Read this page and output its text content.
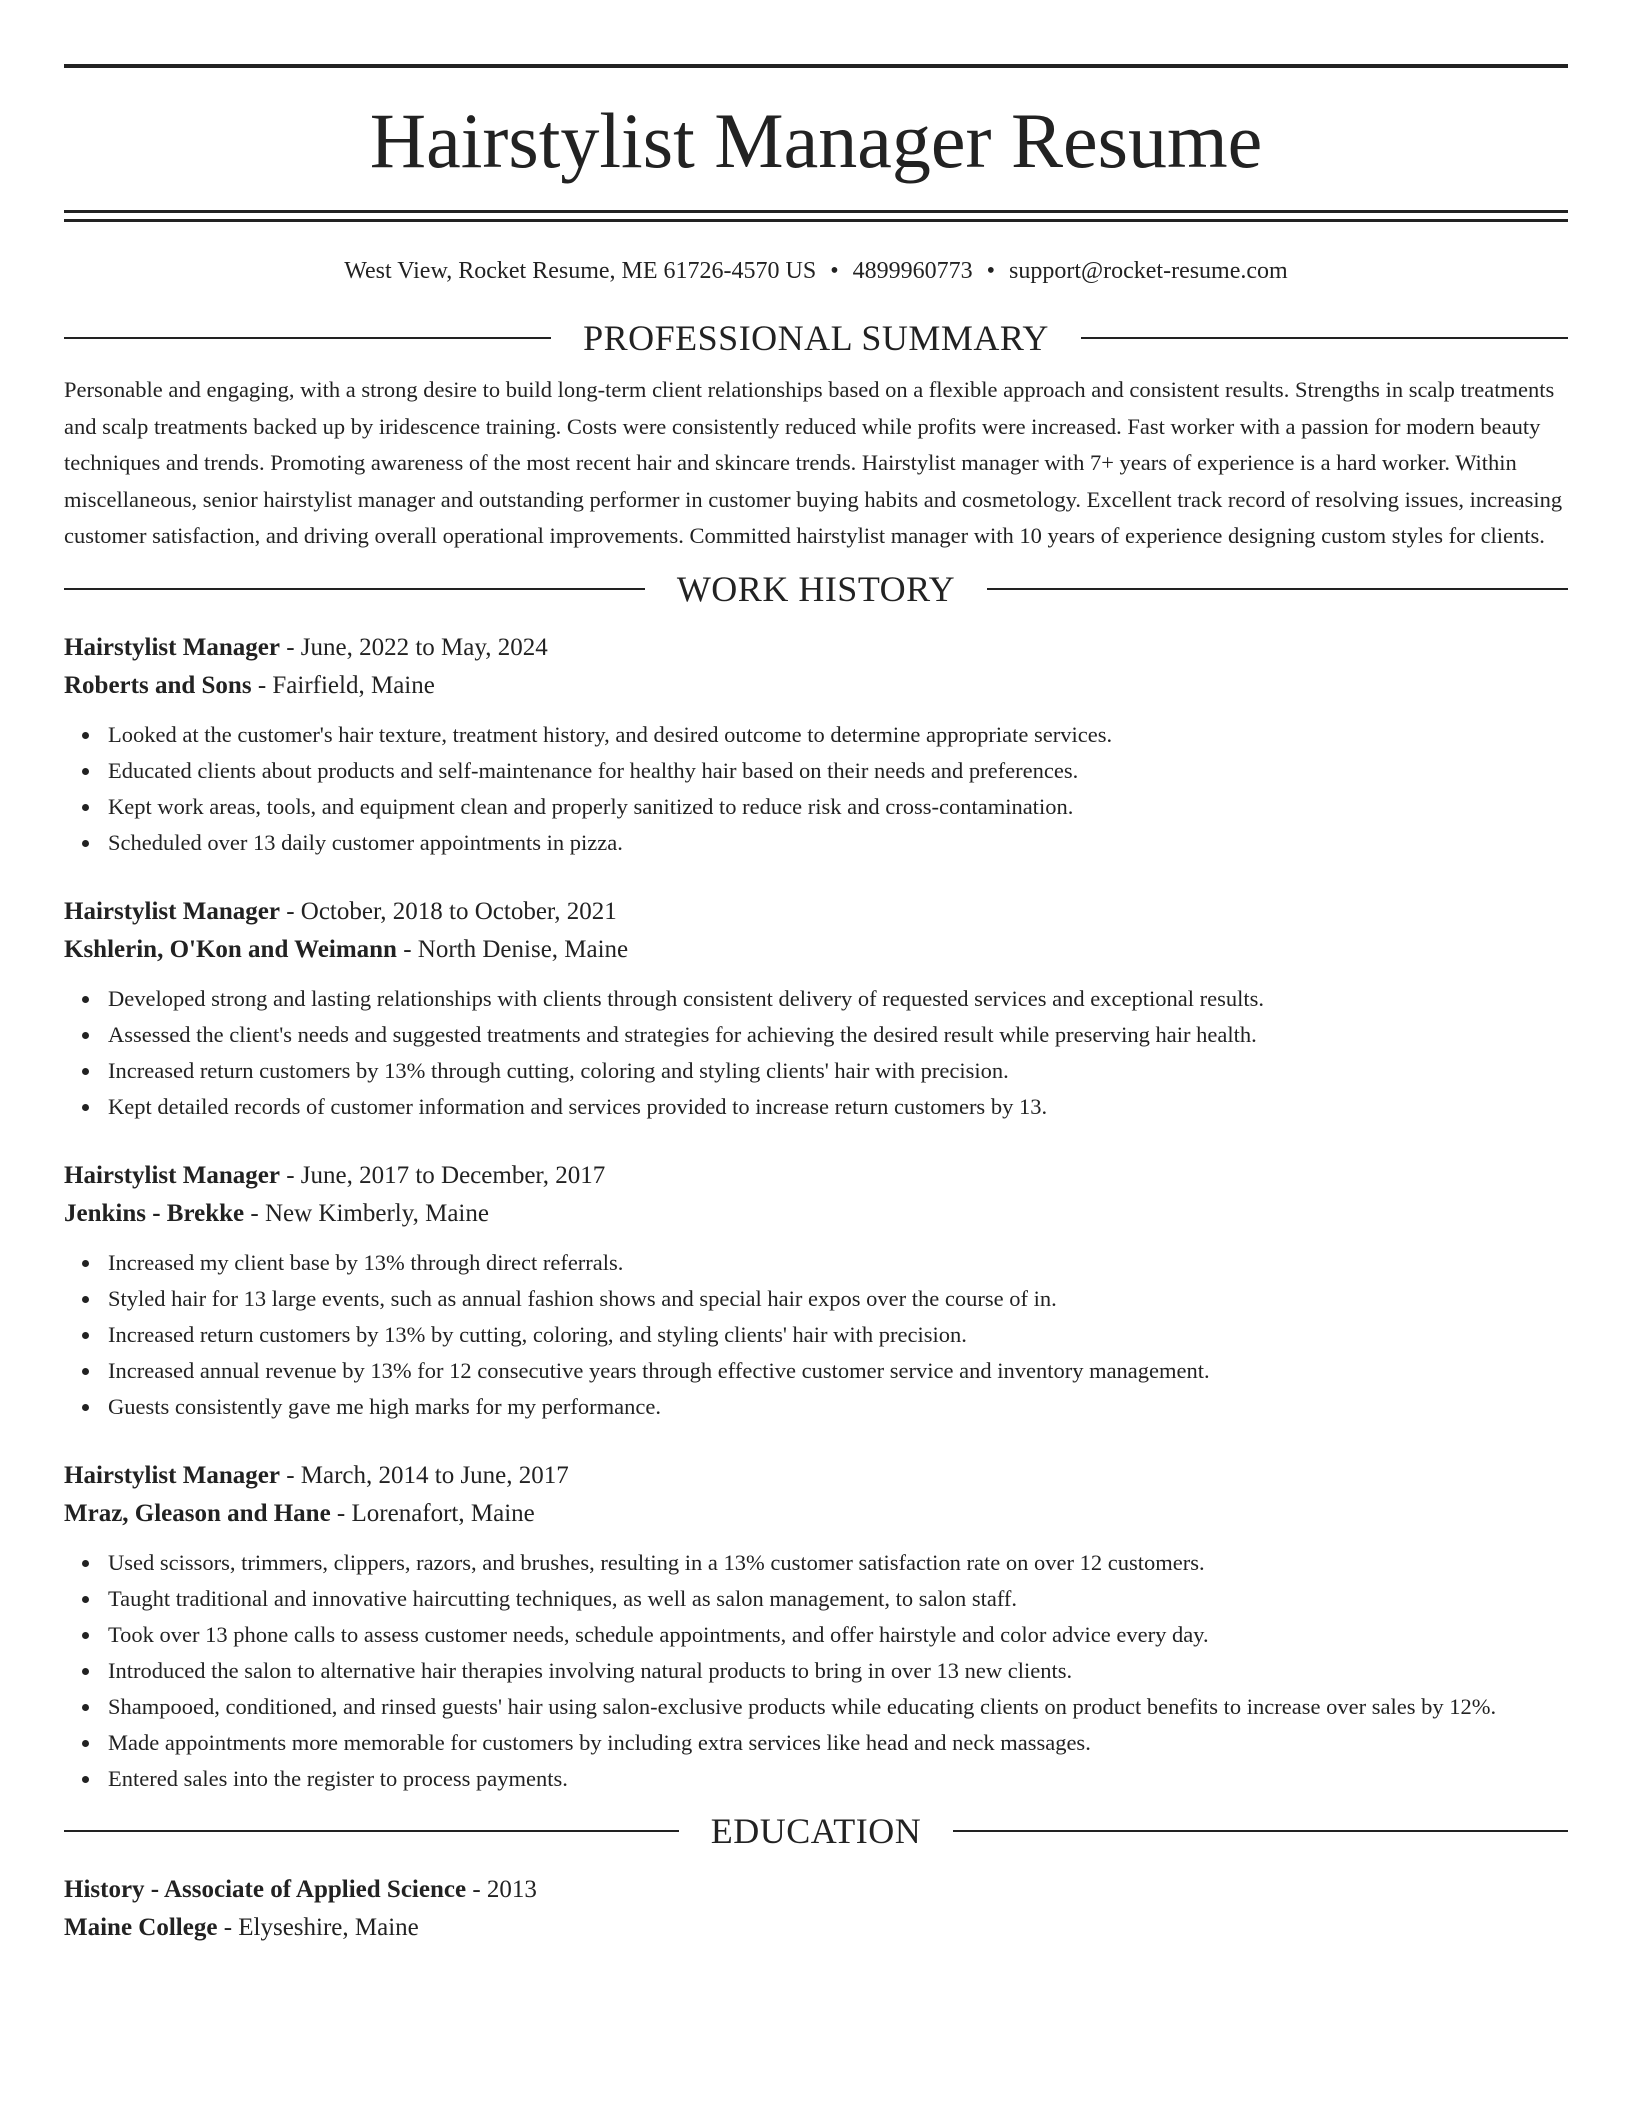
Hairstylist Manager Resume
West View, Rocket Resume, ME 61726-4570 US • 4899960773 • support@rocket-resume.com
PROFESSIONAL SUMMARY

Personable and engaging, with a strong desire to build long-term client relationships based on a flexible approach and consistent results. Strengths in scalp treatments and scalp treatments backed up by iridescence training. Costs were consistently reduced while profits were increased. Fast worker with a passion for modern beauty techniques and trends. Promoting awareness of the most recent hair and skincare trends. Hairstylist manager with 7+ years of experience is a hard worker. Within miscellaneous, senior hairstylist manager and outstanding performer in customer buying habits and cosmetology. Excellent track record of resolving issues, increasing customer satisfaction, and driving overall operational improvements. Committed hairstylist manager with 10 years of experience designing custom styles for clients.

WORK HISTORY

Hairstylist Manager - June, 2022 to May, 2024

Roberts and Sons - Fairfield, Maine

Looked at the customer's hair texture, treatment history, and desired outcome to determine appropriate services.
Educated clients about products and self-maintenance for healthy hair based on their needs and preferences.
Kept work areas, tools, and equipment clean and properly sanitized to reduce risk and cross-contamination.
Scheduled over 13 daily customer appointments in pizza.

Hairstylist Manager - October, 2018 to October, 2021

Kshlerin, O'Kon and Weimann - North Denise, Maine

Developed strong and lasting relationships with clients through consistent delivery of requested services and exceptional results.
Assessed the client's needs and suggested treatments and strategies for achieving the desired result while preserving hair health.
Increased return customers by 13% through cutting, coloring and styling clients' hair with precision.
Kept detailed records of customer information and services provided to increase return customers by 13.

Hairstylist Manager - June, 2017 to December, 2017

Jenkins - Brekke - New Kimberly, Maine

Increased my client base by 13% through direct referrals.
Styled hair for 13 large events, such as annual fashion shows and special hair expos over the course of in.
Increased return customers by 13% by cutting, coloring, and styling clients' hair with precision.
Increased annual revenue by 13% for 12 consecutive years through effective customer service and inventory management.
Guests consistently gave me high marks for my performance.

Hairstylist Manager - March, 2014 to June, 2017

Mraz, Gleason and Hane - Lorenafort, Maine

Used scissors, trimmers, clippers, razors, and brushes, resulting in a 13% customer satisfaction rate on over 12 customers.
Taught traditional and innovative haircutting techniques, as well as salon management, to salon staff.
Took over 13 phone calls to assess customer needs, schedule appointments, and offer hairstyle and color advice every day.
Introduced the salon to alternative hair therapies involving natural products to bring in over 13 new clients.
Shampooed, conditioned, and rinsed guests' hair using salon-exclusive products while educating clients on product benefits to increase over sales by 12%.
Made appointments more memorable for customers by including extra services like head and neck massages.
Entered sales into the register to process payments.
EDUCATION

History - Associate of Applied Science - 2013

Maine College - Elyseshire, Maine
